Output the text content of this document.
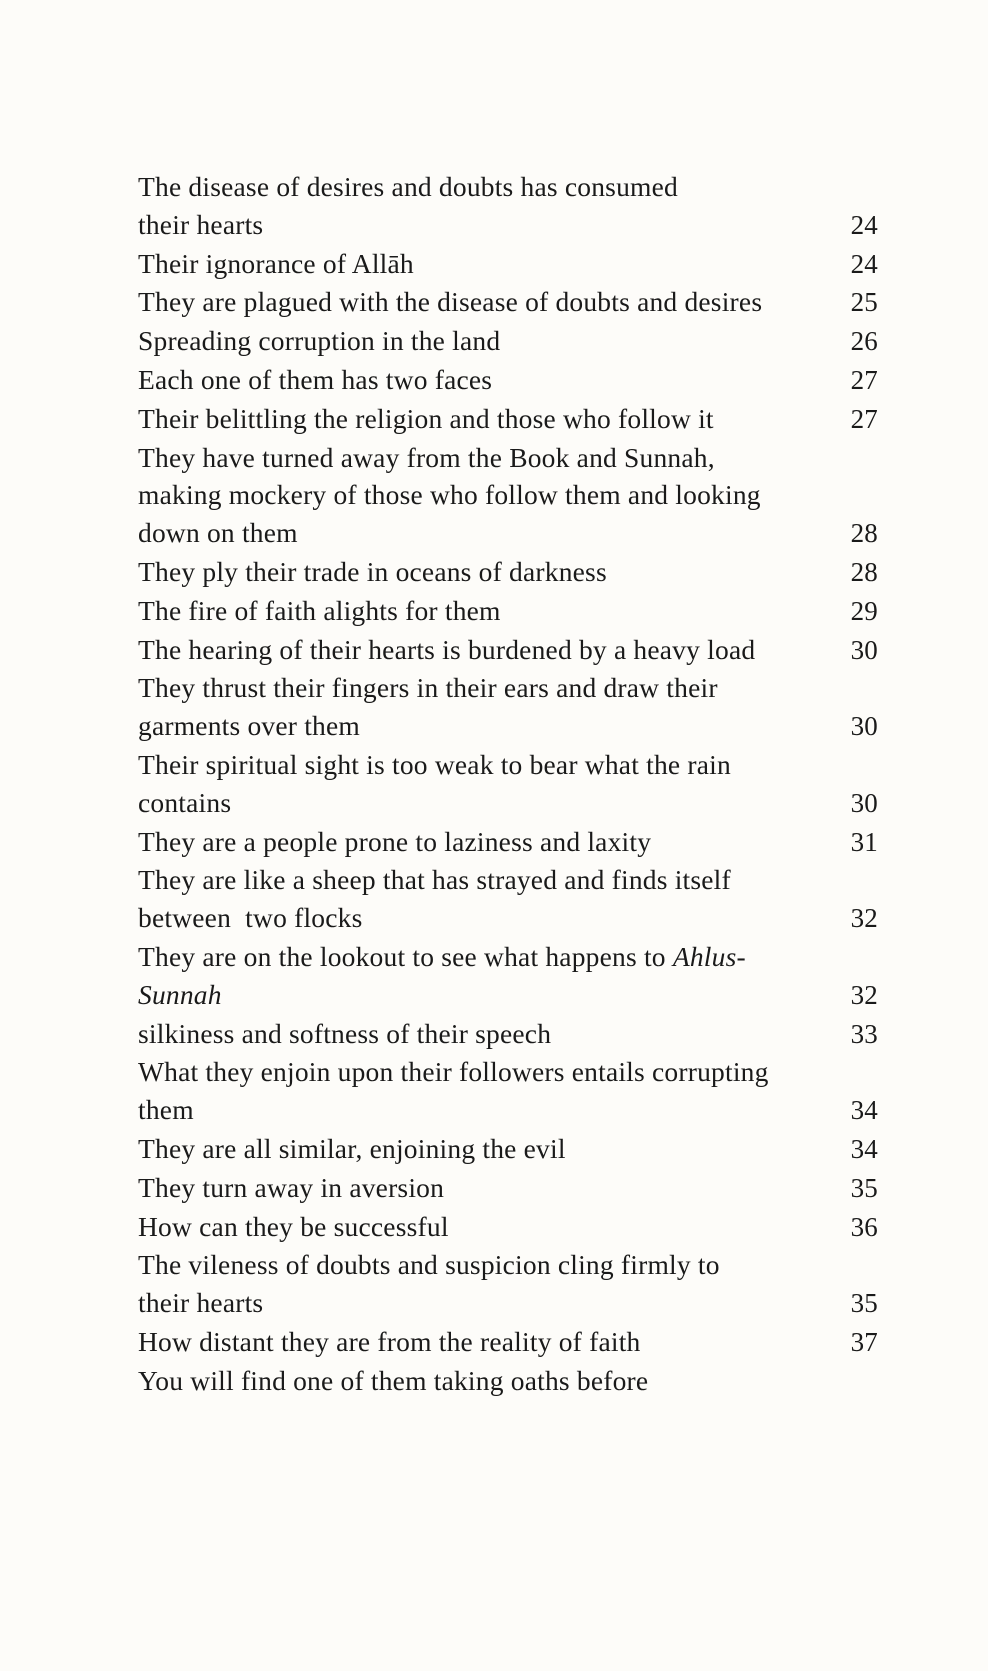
The disease of desires and doubts has consumed
their hearts	24
Their ignorance of Allāh	24
They are plagued with the disease of doubts and desires	25
Spreading corruption in the land	26
Each one of them has two faces	27
Their belittling the religion and those who follow it	27
They have turned away from the Book and Sunnah,
making mockery of those who follow them and looking
down on them	28
They ply their trade in oceans of darkness	28
The fire of faith alights for them	29
The hearing of their hearts is burdened by a heavy load	30
They thrust their fingers in their ears and draw their
garments over them	30
Their spiritual sight is too weak to bear what the rain
contains	30
They are a people prone to laziness and laxity	31
They are like a sheep that has strayed and finds itself
between  two flocks	32
They are on the lookout to see what happens to Ahlus-
Sunnah	32
silkiness and softness of their speech	33
What they enjoin upon their followers entails corrupting
them	34
They are all similar, enjoining the evil	34
They turn away in aversion	35
How can they be successful	36
The vileness of doubts and suspicion cling firmly to
their hearts	35
How distant they are from the reality of faith	37
You will find one of them taking oaths before
